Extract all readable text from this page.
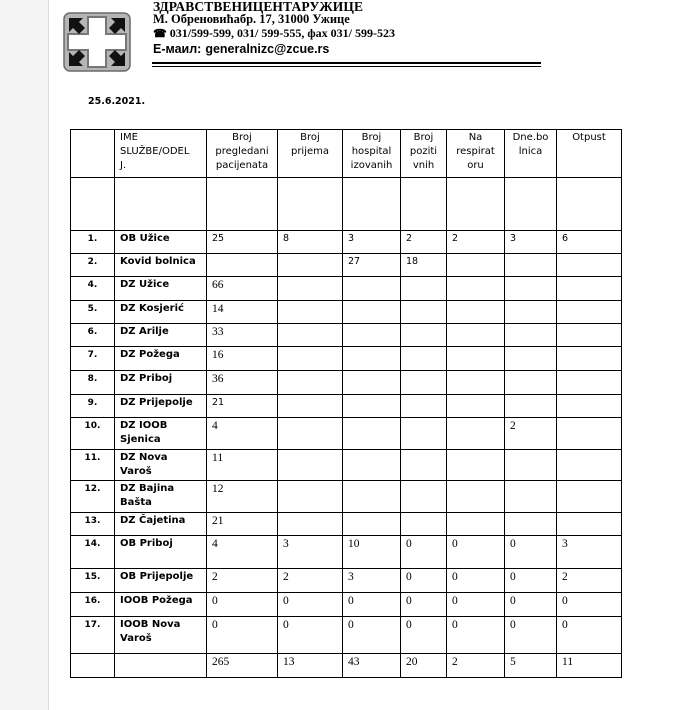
ЗДРАВСТВЕНИЦЕНТАРУЖИЦЕ
М. Обреновићабр. 17, 31000 Ужице
☎ 031/599-599, 031/ 599-555, фах 031/ 599-523
Е-маил: generalnizc@zcue.rs
25.6.2021.
	IME
SLUŽBE/ODEL
J.	Broj
pregledani
pacijenata	Broj
prijema	Broj
hospital
izovanih	Broj
poziti
vnih	Na
respirat
oru	Dne.bo
lnica	Otpust

1.	OB Užice	25	8	3	2	2	3	6
2.	Kovid bolnica			27	18			
4.	DZ Užice	66						
5.	DZ Kosjerić	14						
6.	DZ Arilje	33						
7.	DZ Požega	16						
8.	DZ Priboj	36						
9.	DZ Prijepolje	21						
10.	DZ IOOB Sjenica	4					2	
11.	DZ Nova Varoš	11						
12.	DZ Bajina Bašta	12						
13.	DZ Čajetina	21						
14.	OB Priboj	4	3	10	0	0	0	3
15.	OB Prijepolje	2	2	3	0	0	0	2
16.	IOOB Požega	0	0	0	0	0	0	0
17.	IOOB Nova Varoš	0	0	0	0	0	0	0
		265	13	43	20	2	5	11
